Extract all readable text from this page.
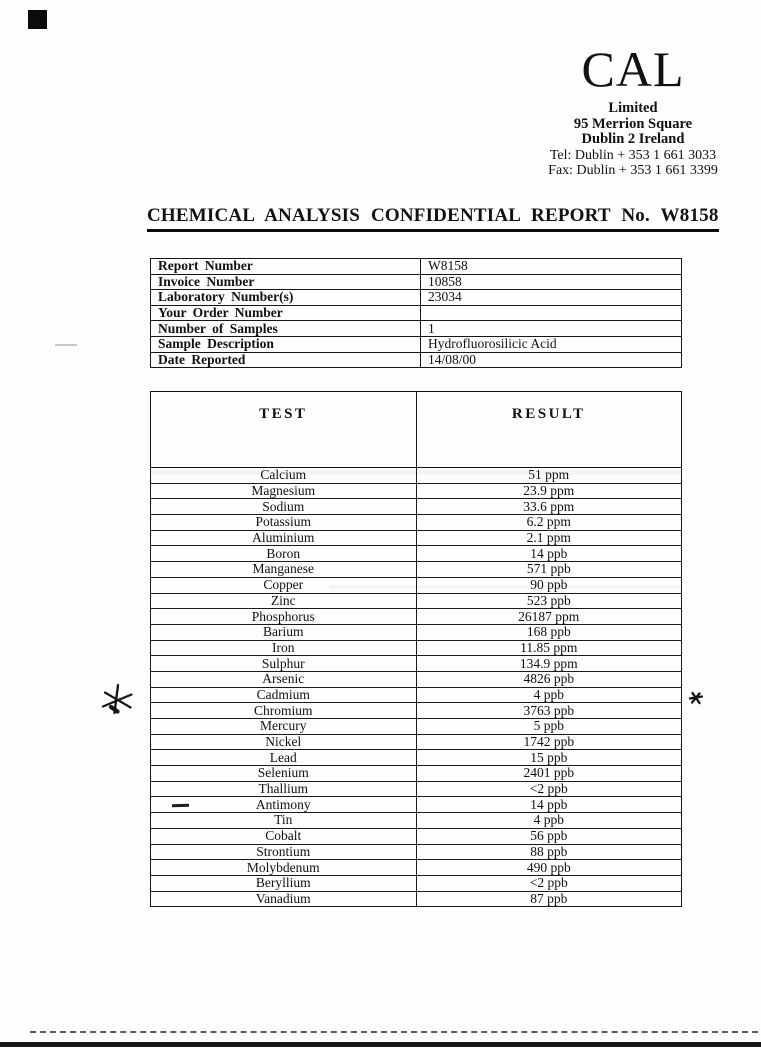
CAL
Limited
95 Merrion Square
Dublin 2 Ireland
Tel: Dublin + 353 1 661 3033
Fax: Dublin + 353 1 661 3399
CHEMICAL ANALYSIS CONFIDENTIAL REPORT No. W8158
Report Number	W8158
Invoice Number	10858
Laboratory Number(s)	23034
Your Order Number	
Number of Samples	1
Sample Description	Hydrofluorosilicic Acid
Date Reported	14/08/00
TEST	RESULT
Calcium	51 ppm
Magnesium	23.9 ppm
Sodium	33.6 ppm
Potassium	6.2 ppm
Aluminium	2.1 ppm
Boron	14 ppb
Manganese	571 ppb
Copper	90 ppb
Zinc	523 ppb
Phosphorus	26187 ppm
Barium	168 ppb
Iron	11.85 ppm
Sulphur	134.9 ppm
Arsenic	4826 ppb
Cadmium	4 ppb
Chromium	3763 ppb
Mercury	5 ppb
Nickel	1742 ppb
Lead	15 ppb
Selenium	2401 ppb
Thallium	<2 ppb
Antimony	14 ppb
Tin	4 ppb
Cobalt	56 ppb
Strontium	88 ppb
Molybdenum	490 ppb
Beryllium	<2 ppb
Vanadium	87 ppb
